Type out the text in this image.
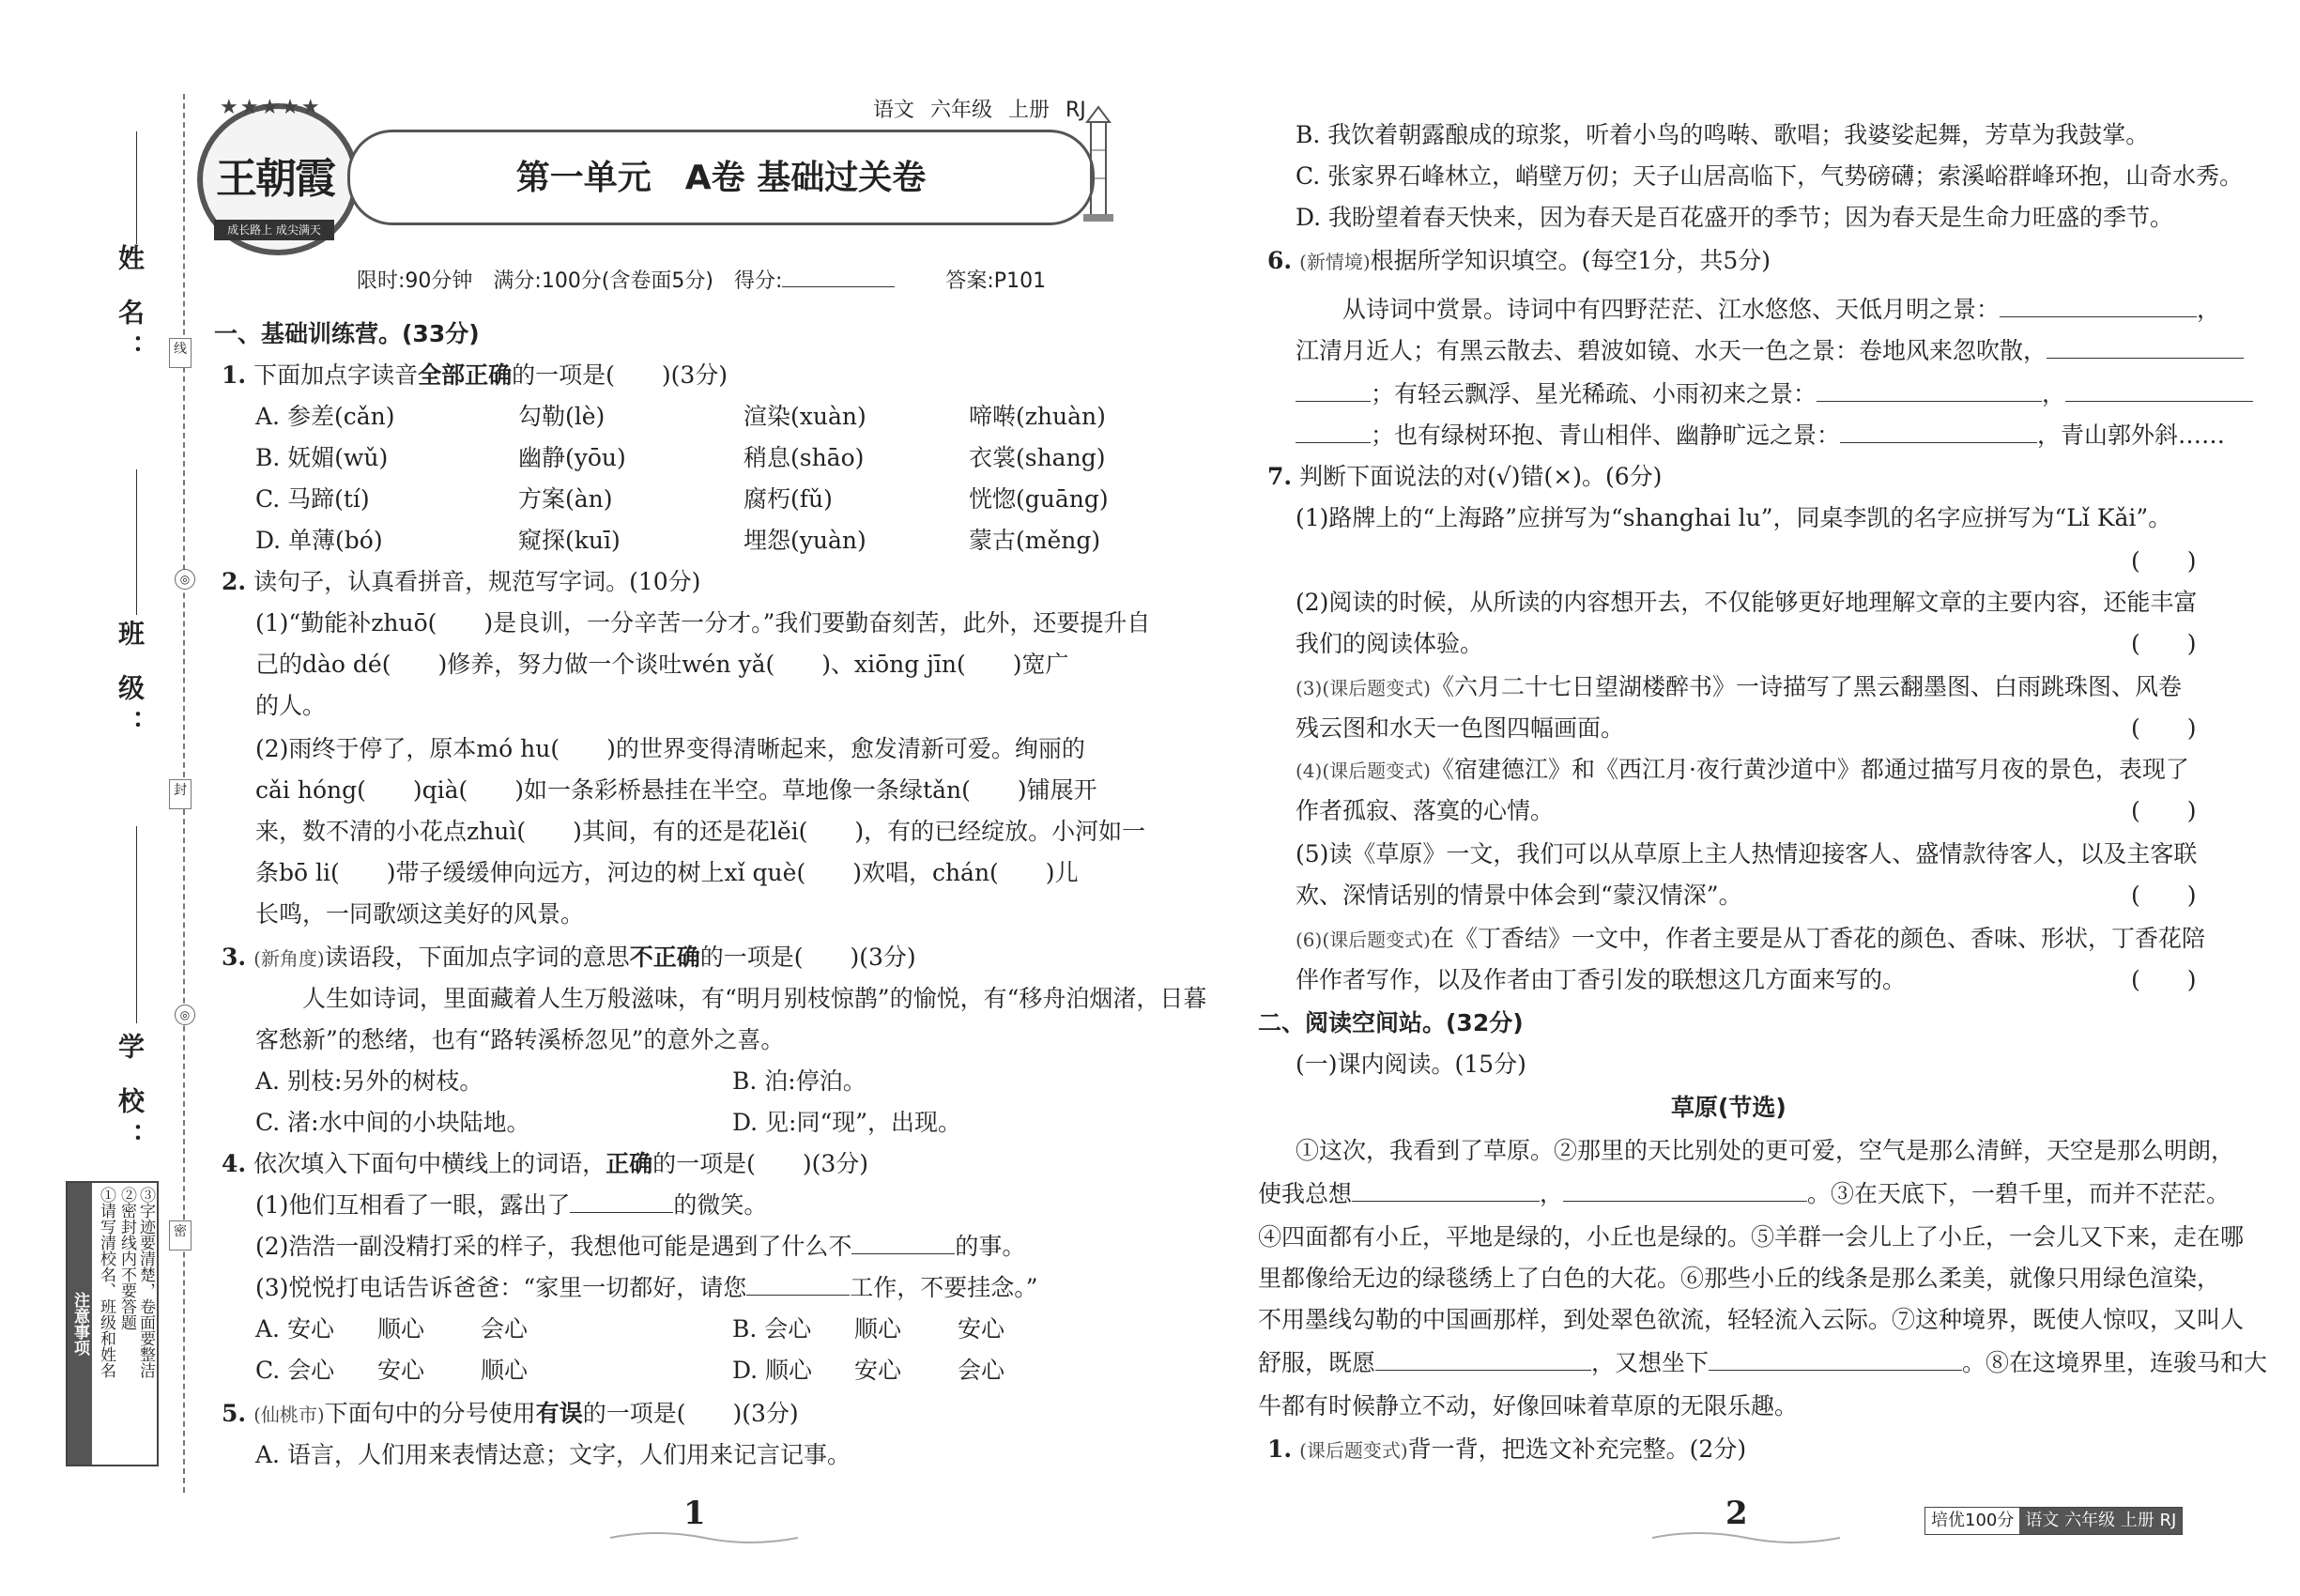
姓 名：
班 级：
学 校：
线
封
密
◎
◎
注意事项 ①请写清校名、班级和姓名 ②密封线内不要答题 ③字迹要清楚，卷面要整洁
★★★★★
王朝霞
成长路上 成尖满天
语文 六年级 上册 RJ
第一单元　A卷 基础过关卷
限时:90分钟　满分:100分(含卷面5分)　得分:	答案:P101
一、基础训练营。(33分)
1. 下面加点字读音全部正确的一项是(　　)(3分)
A. 参差(cǎn)	勾勒(lè)	渲染(xuàn)	啼啭(zhuàn)
B. 妩媚(wǔ)	幽静(yōu)	稍息(shāo)	衣裳(shang)
C. 马蹄(tí)	方案(àn)	腐朽(fǔ)	恍惚(guāng)
D. 单薄(bó)	窥探(kuī)	埋怨(yuàn)	蒙古(měng)
2. 读句子，认真看拼音，规范写字词。(10分)
(1)“勤能补zhuō(　　)是良训，一分辛苦一分才。”我们要勤奋刻苦，此外，还要提升自
己的dào dé(　　)修养，努力做一个谈吐wén yǎ(　　)、xiōng jīn(　　)宽广
的人。
(2)雨终于停了，原本mó hu(　　)的世界变得清晰起来，愈发清新可爱。绚丽的
cǎi hóng(　　)qià(　　)如一条彩桥悬挂在半空。草地像一条绿tǎn(　　)铺展开
来，数不清的小花点zhuì(　　)其间，有的还是花lěi(　　)，有的已经绽放。小河如一
条bō li(　　)带子缓缓伸向远方，河边的树上xǐ què(　　)欢唱，chán(　　)儿
长鸣，一同歌颂这美好的风景。
3. (新角度)读语段，下面加点字词的意思不正确的一项是(　　)(3分)
人生如诗词，里面藏着人生万般滋味，有“明月别枝惊鹊”的愉悦，有“移舟泊烟渚，日暮
客愁新”的愁绪，也有“路转溪桥忽见”的意外之喜。
A. 别枝:另外的树枝。	B. 泊:停泊。
C. 渚:水中间的小块陆地。	D. 见:同“现”，出现。
4. 依次填入下面句中横线上的词语，正确的一项是(　　)(3分)
(1)他们互相看了一眼，露出了	的微笑。
(2)浩浩一副没精打采的样子，我想他可能是遇到了什么不	的事。
(3)悦悦打电话告诉爸爸：“家里一切都好，请您	工作，不要挂念。”
A. 安心 顺心 会心	B. 会心 顺心 安心
C. 会心 安心 顺心	D. 顺心 安心 会心
5. (仙桃市)下面句中的分号使用有误的一项是(　　)(3分)
A. 语言，人们用来表情达意；文字，人们用来记言记事。
1
B. 我饮着朝露酿成的琼浆，听着小鸟的鸣啭、歌唱；我婆娑起舞，芳草为我鼓掌。
C. 张家界石峰林立，峭壁万仞；天子山居高临下，气势磅礴；索溪峪群峰环抱，山奇水秀。
D. 我盼望着春天快来，因为春天是百花盛开的季节；因为春天是生命力旺盛的季节。
6. (新情境)根据所学知识填空。(每空1分，共5分)
从诗词中赏景。诗词中有四野茫茫、江水悠悠、天低月明之景：	，
江清月近人；有黑云散去、碧波如镜、水天一色之景：卷地风来忽吹散，
；有轻云飘浮、星光稀疏、小雨初来之景：	，
；也有绿树环抱、青山相伴、幽静旷远之景：	，青山郭外斜……
7. 判断下面说法的对(√)错(×)。(6分)
(1)路牌上的“上海路”应拼写为“shanghai lu”，同桌李凯的名字应拼写为“Lǐ Kǎi”。
(　　)
(2)阅读的时候，从所读的内容想开去，不仅能够更好地理解文章的主要内容，还能丰富
我们的阅读体验。	(　　)
(3)(课后题变式)《六月二十七日望湖楼醉书》一诗描写了黑云翻墨图、白雨跳珠图、风卷
残云图和水天一色图四幅画面。	(　　)
(4)(课后题变式)《宿建德江》和《西江月·夜行黄沙道中》都通过描写月夜的景色，表现了
作者孤寂、落寞的心情。	(　　)
(5)读《草原》一文，我们可以从草原上主人热情迎接客人、盛情款待客人，以及主客联
欢、深情话别的情景中体会到“蒙汉情深”。	(　　)
(6)(课后题变式)在《丁香结》一文中，作者主要是从丁香花的颜色、香味、形状，丁香花陪
伴作者写作，以及作者由丁香引发的联想这几方面来写的。	(　　)
二、阅读空间站。(32分)
(一)课内阅读。(15分)
草原(节选)
①这次，我看到了草原。②那里的天比别处的更可爱，空气是那么清鲜，天空是那么明朗，
使我总想	，	。③在天底下，一碧千里，而并不茫茫。
④四面都有小丘，平地是绿的，小丘也是绿的。⑤羊群一会儿上了小丘，一会儿又下来，走在哪
里都像给无边的绿毯绣上了白色的大花。⑥那些小丘的线条是那么柔美，就像只用绿色渲染，
不用墨线勾勒的中国画那样，到处翠色欲流，轻轻流入云际。⑦这种境界，既使人惊叹，又叫人
舒服，既愿	，又想坐下	。⑧在这境界里，连骏马和大
牛都有时候静立不动，好像回味着草原的无限乐趣。
1. (课后题变式)背一背，把选文补充完整。(2分)
2	培优100分 语文 六年级 上册 RJ
